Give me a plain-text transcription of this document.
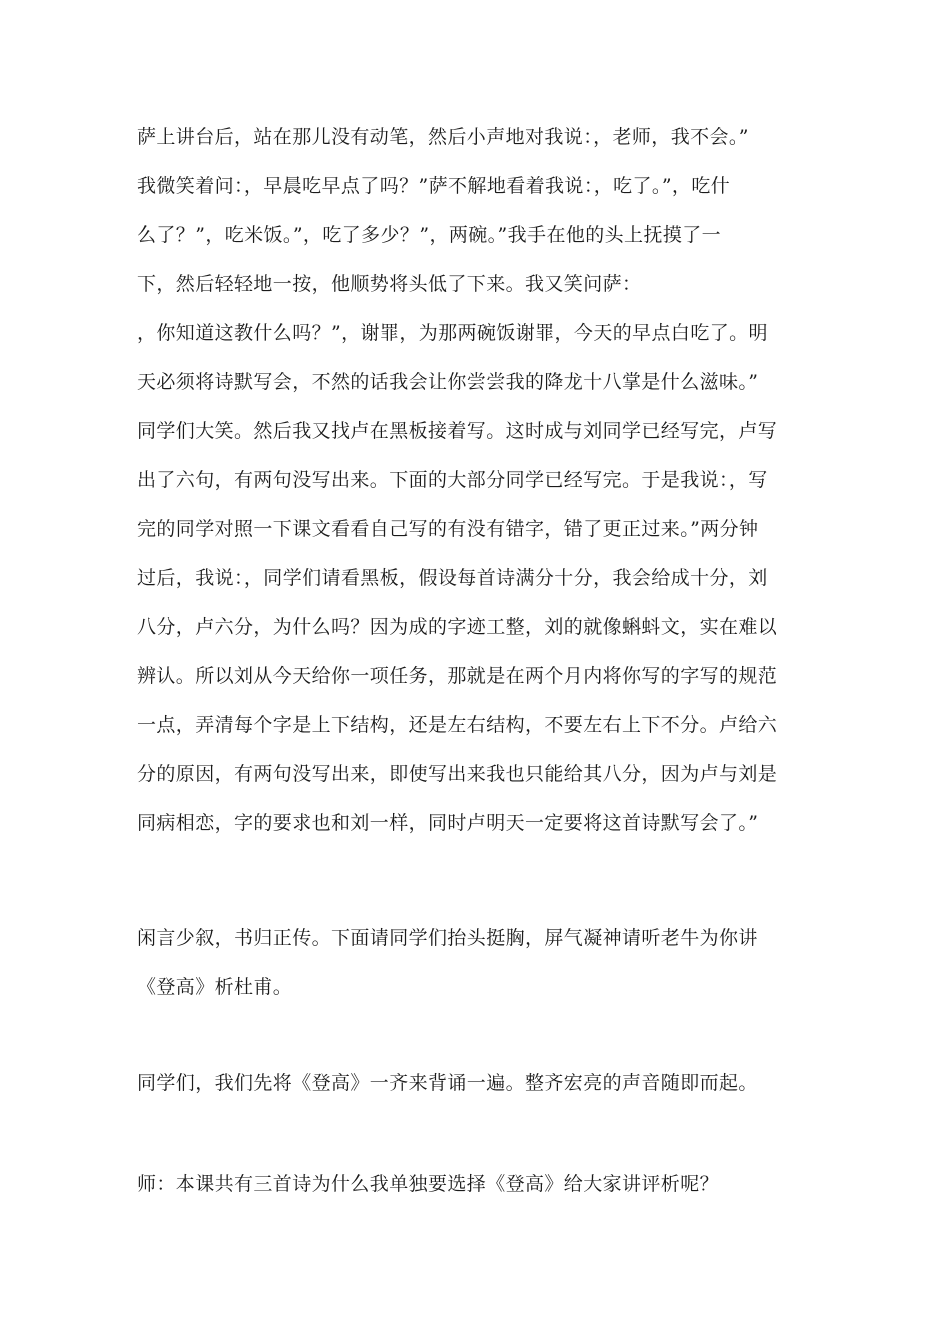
萨上讲台后，站在那儿没有动笔，然后小声地对我说：，老师，我不会。”
我微笑着问：，早晨吃早点了吗？”萨不解地看着我说：，吃了。”，吃什
么了？”，吃米饭。”，吃了多少？”，两碗。”我手在他的头上抚摸了一
下，然后轻轻地一按，他顺势将头低了下来。我又笑问萨：
，你知道这教什么吗？”，谢罪，为那两碗饭谢罪，今天的早点白吃了。明
天必须将诗默写会，不然的话我会让你尝尝我的降龙十八掌是什么滋味。”
同学们大笑。然后我又找卢在黑板接着写。这时成与刘同学已经写完，卢写
出了六句，有两句没写出来。下面的大部分同学已经写完。于是我说：，写
完的同学对照一下课文看看自己写的有没有错字，错了更正过来。”两分钟
过后，我说：，同学们请看黑板，假设每首诗满分十分，我会给成十分，刘
八分，卢六分，为什么吗？因为成的字迹工整，刘的就像蝌蚪文，实在难以
辨认。所以刘从今天给你一项任务，那就是在两个月内将你写的字写的规范
一点，弄清每个字是上下结构，还是左右结构，不要左右上下不分。卢给六
分的原因，有两句没写出来，即使写出来我也只能给其八分，因为卢与刘是
同病相恋，字的要求也和刘一样，同时卢明天一定要将这首诗默写会了。”
闲言少叙，书归正传。下面请同学们抬头挺胸，屏气凝神请听老牛为你讲
《登高》析杜甫。
同学们，我们先将《登高》一齐来背诵一遍。整齐宏亮的声音随即而起。
师：本课共有三首诗为什么我单独要选择《登高》给大家讲评析呢？
